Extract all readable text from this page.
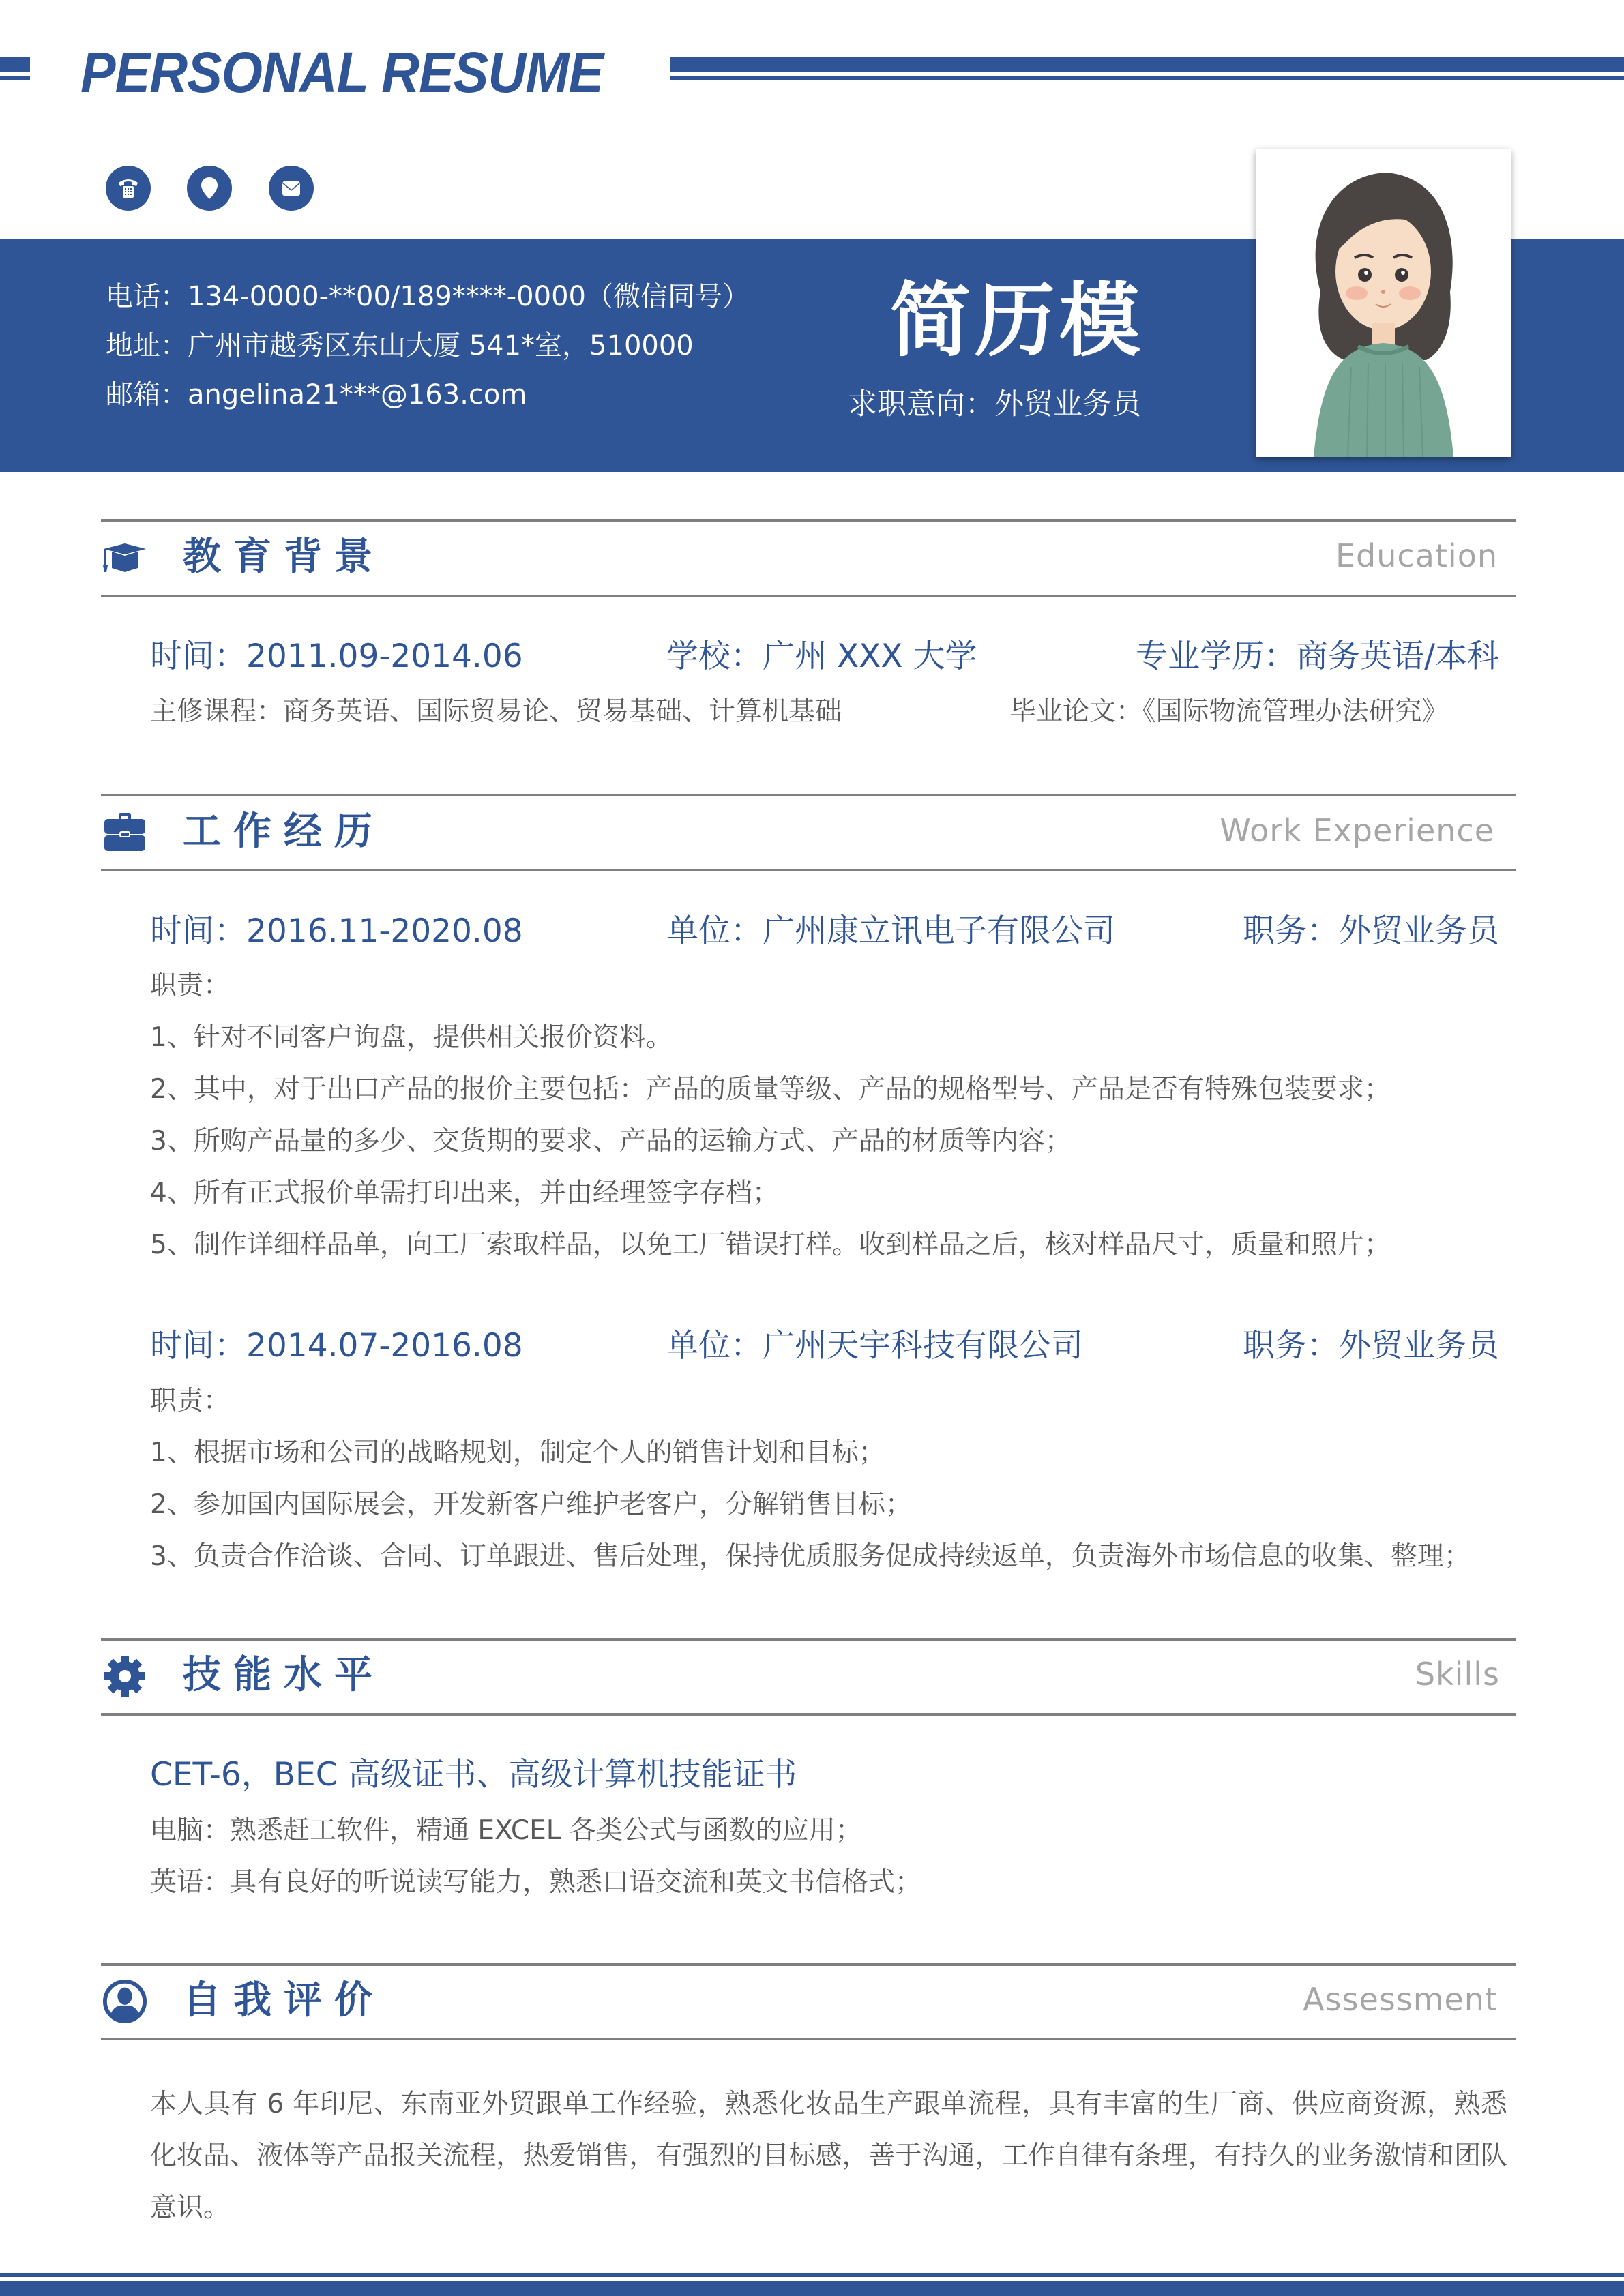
PERSONAL RESUME
电话：134-0000-**00/189****-0000（微信同号）
地址：广州市越秀区东山大厦 541*室，510000
邮箱：angelina21***@163.com
简历模
求职意向：外贸业务员
教育背景	Education
时间：2011.09-2014.06	学校：广州 XXX 大学	专业学历：商务英语/本科
主修课程：商务英语、国际贸易论、贸易基础、计算机基础	毕业论文：《国际物流管理办法研究》
工作经历	Work Experience
时间：2016.11-2020.08	单位：广州康立讯电子有限公司	职务：外贸业务员
职责：
1、针对不同客户询盘，提供相关报价资料。
2、其中，对于出口产品的报价主要包括：产品的质量等级、产品的规格型号、产品是否有特殊包装要求；
3、所购产品量的多少、交货期的要求、产品的运输方式、产品的材质等内容；
4、所有正式报价单需打印出来，并由经理签字存档；
5、制作详细样品单，向工厂索取样品，以免工厂错误打样。收到样品之后，核对样品尺寸，质量和照片；
时间：2014.07-2016.08	单位：广州天宇科技有限公司	职务：外贸业务员
职责：
1、根据市场和公司的战略规划，制定个人的销售计划和目标；
2、参加国内国际展会，开发新客户维护老客户，分解销售目标；
3、负责合作洽谈、合同、订单跟进、售后处理，保持优质服务促成持续返单，负责海外市场信息的收集、整理；
技能水平	Skills
CET-6，BEC 高级证书、高级计算机技能证书
电脑：熟悉赶工软件，精通 EXCEL 各类公式与函数的应用；
英语：具有良好的听说读写能力，熟悉口语交流和英文书信格式；
自我评价	Assessment
本人具有 6 年印尼、东南亚外贸跟单工作经验，熟悉化妆品生产跟单流程，具有丰富的生厂商、供应商资源，熟悉化妆品、液体等产品报关流程，热爱销售，有强烈的目标感，善于沟通，工作自律有条理，有持久的业务激情和团队意识。
